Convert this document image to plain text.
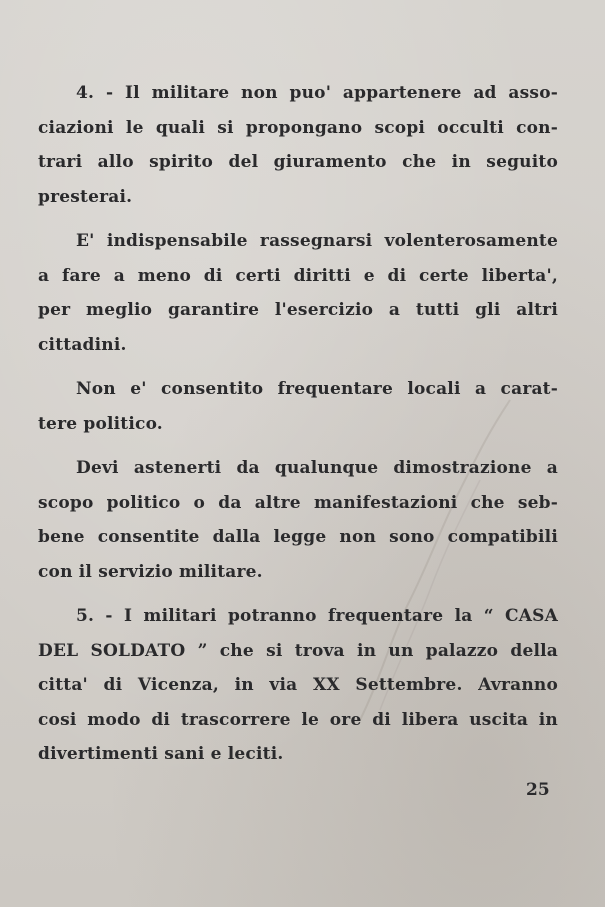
4. - Il militare non puo' appartenere ad asso-
ciazioni le quali si propongano scopi occulti con-
trari allo spirito del giuramento che in seguito
presterai.
E' indispensabile rassegnarsi volenterosamente
a fare a meno di certi diritti e di certe liberta',
per meglio garantire l'esercizio a tutti gli altri
cittadini.
Non e' consentito frequentare locali a carat-
tere politico.
Devi astenerti da qualunque dimostrazione a
scopo politico o da altre manifestazioni che seb-
bene consentite dalla legge non sono compatibili
con il servizio militare.
5. - I militari potranno frequentare la “ CASA
DEL SOLDATO ” che si trova in un palazzo della
citta' di Vicenza, in via XX Settembre. Avranno
cosi modo di trascorrere le ore di libera uscita in
divertimenti sani e leciti.
25
